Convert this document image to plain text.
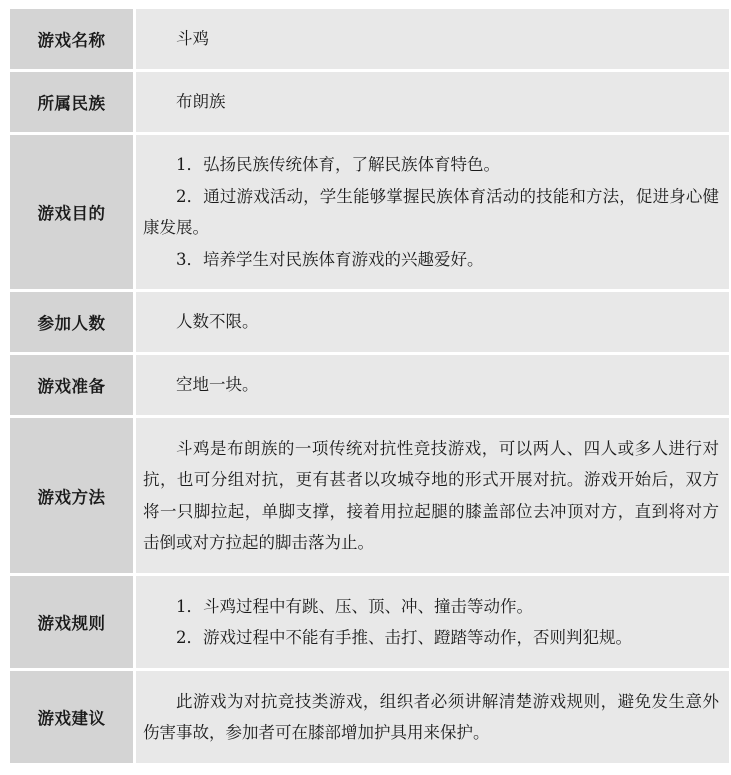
游戏名称	斗鸡

所属民族	布朗族

游戏目的	1．弘扬民族传统体育，了解民族体育特色。
2．通过游戏活动，学生能够掌握民族体育活动的技能和方法，促进身心健康发展。
3．培养学生对民族体育游戏的兴趣爱好。

参加人数	人数不限。

游戏准备	空地一块。

游戏方法	斗鸡是布朗族的一项传统对抗性竞技游戏，可以两人、四人或多人进行对抗，也可分组对抗，更有甚者以攻城夺地的形式开展对抗。游戏开始后，双方将一只脚拉起，单脚支撑，接着用拉起腿的膝盖部位去冲顶对方，直到将对方击倒或对方拉起的脚击落为止。

游戏规则	1．斗鸡过程中有跳、压、顶、冲、撞击等动作。
2．游戏过程中不能有手推、击打、蹬踏等动作，否则判犯规。

游戏建议	此游戏为对抗竞技类游戏，组织者必须讲解清楚游戏规则，避免发生意外伤害事故，参加者可在膝部增加护具用来保护。
